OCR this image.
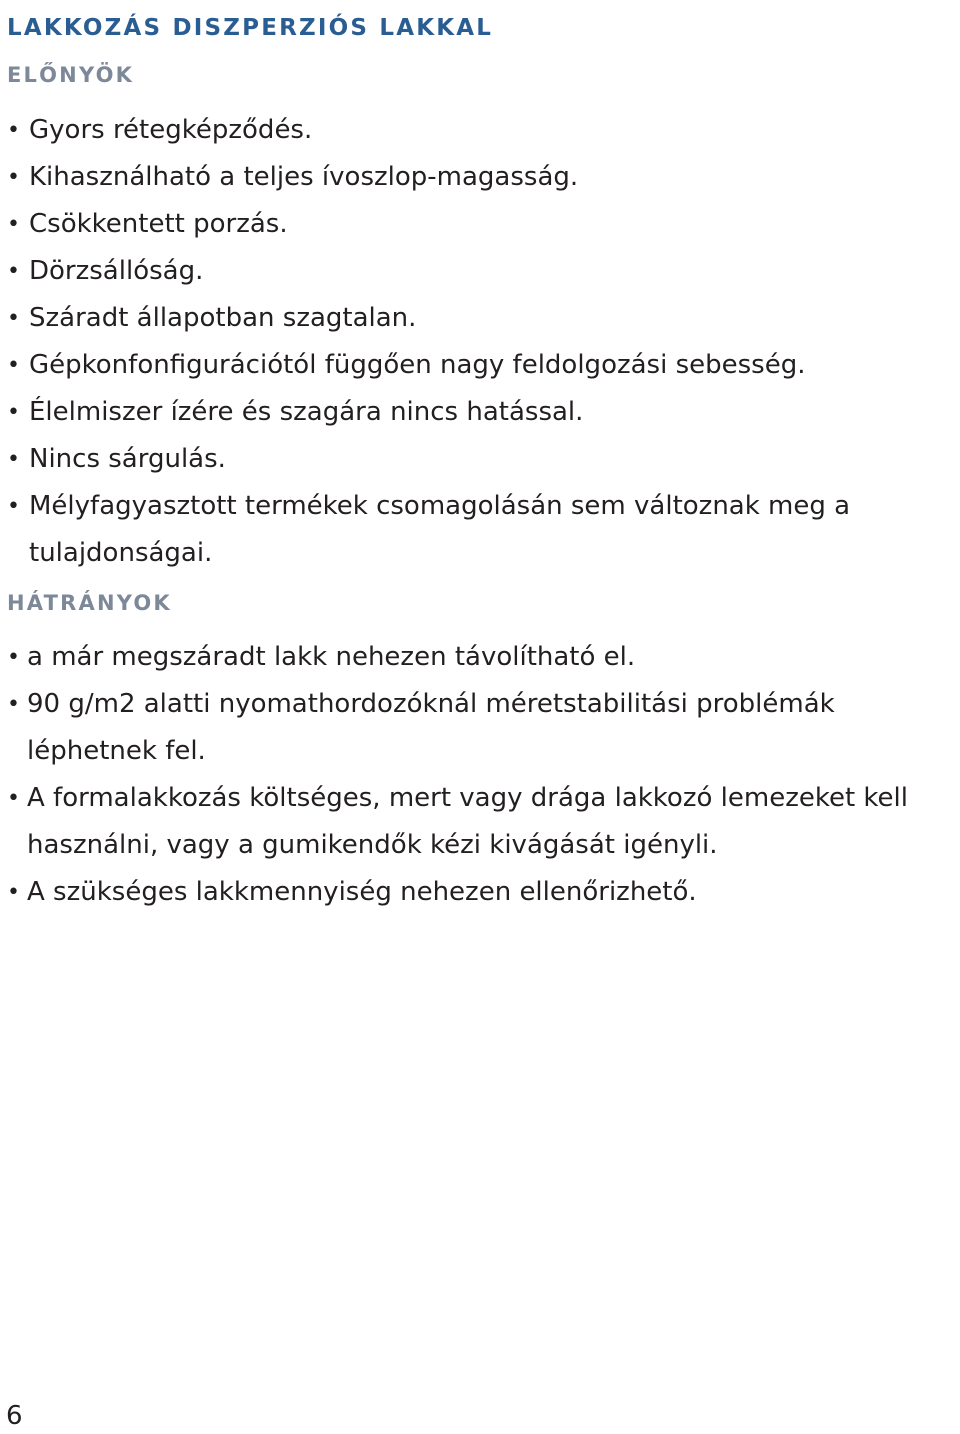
LAKKOZÁS DISZPERZIÓS LAKKAL
ELŐNYÖK
• Gyors rétegképződés.
• Kihasználható a teljes ívoszlop-magasság.
• Csökkentett porzás.
• Dörzsállóság.
• Száradt állapotban szagtalan.
• Gépkonfonfigurációtól függően nagy feldolgozási sebesség.
• Élelmiszer ízére és szagára nincs hatással.
• Nincs sárgulás.
• Mélyfagyasztott termékek csomagolásán sem változnak meg a tulajdonságai.
HÁTRÁNYOK
• a már megszáradt lakk nehezen távolítható el.
• 90 g/m2 alatti nyomathordozóknál méretstabilitási problémák léphetnek fel.
• A formalakkozás költséges, mert vagy drága lakkozó lemezeket kell használni, vagy a gumikendők kézi kivágását igényli.
• A szükséges lakkmennyiség nehezen ellenőrizhető.
6
